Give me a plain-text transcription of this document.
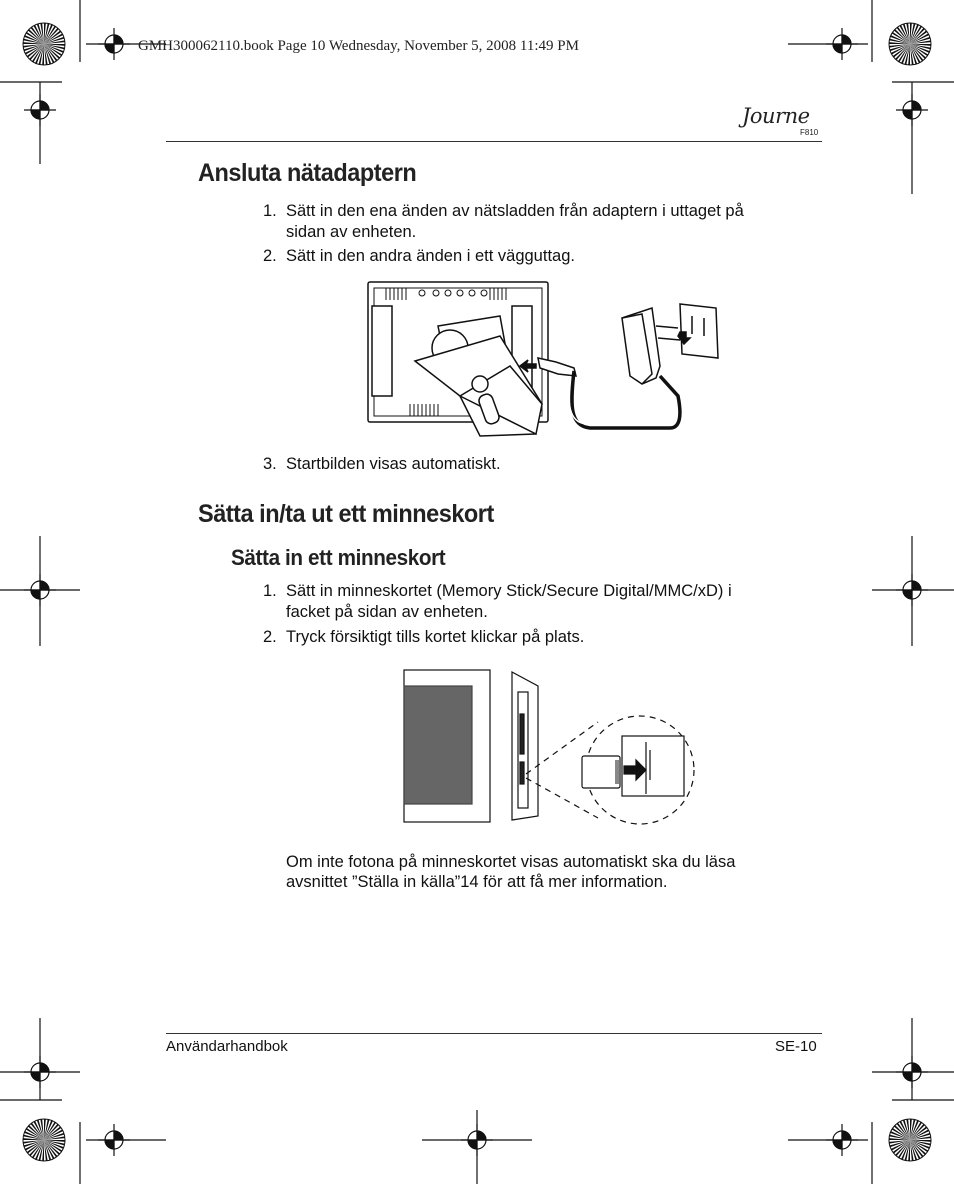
GMH300062110.book Page 10 Wednesday, November 5, 2008 11:49 PM
Journe
F810
Ansluta nätadaptern
1. Sätt in den ena änden av nätsladden från adaptern i uttaget på
sidan av enheten.
2. Sätt in den andra änden i ett vägguttag.
3. Startbilden visas automatiskt.
Sätta in/ta ut ett minneskort
Sätta in ett minneskort
1. Sätt in minneskortet (Memory Stick/Secure Digital/MMC/xD) i
facket på sidan av enheten.
2. Tryck försiktigt tills kortet klickar på plats.
Om inte fotona på minneskortet visas automatiskt ska du läsa
avsnittet ”Ställa in källa”14 för att få mer information.
Användarhandbok	SE-10
